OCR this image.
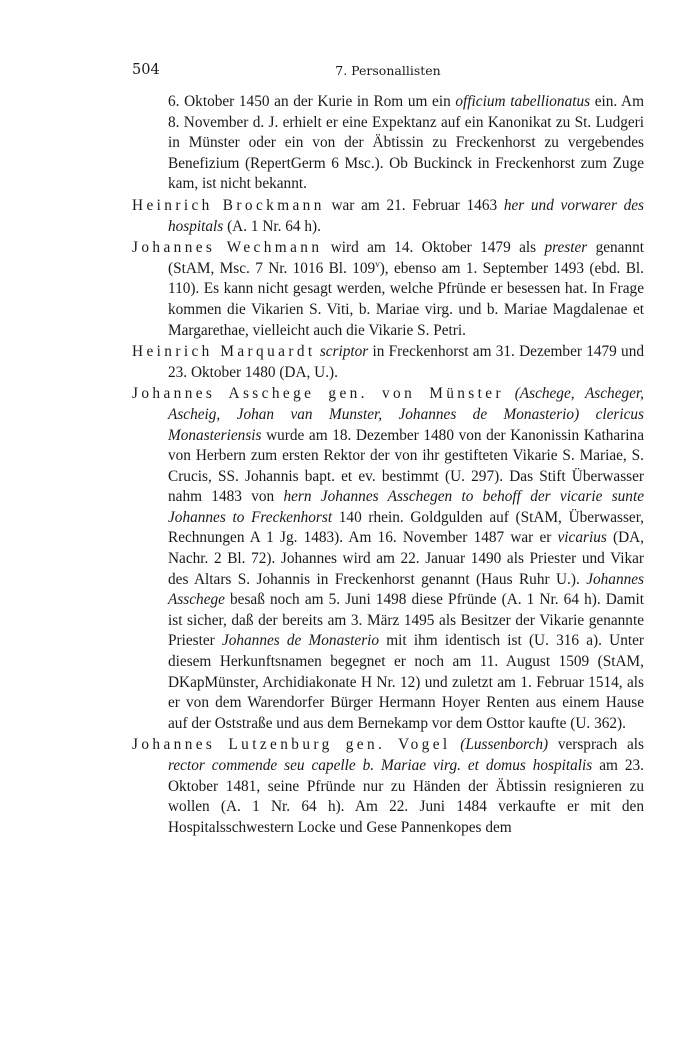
504	7. Personallisten

6. Oktober 1450 an der Kurie in Rom um ein officium tabellionatus ein. Am 8. November d. J. erhielt er eine Expektanz auf ein Kanonikat zu St. Ludgeri in Münster oder ein von der Äbtissin zu Freckenhorst zu vergebendes Benefizium (RepertGerm 6 Msc.). Ob Buckinck in Freckenhorst zum Zuge kam, ist nicht bekannt.

Heinrich Brockmann war am 21. Februar 1463 her und vorwarer des hospitals (A. 1 Nr. 64 h).

Johannes Wechmann wird am 14. Oktober 1479 als prester genannt (StAM, Msc. 7 Nr. 1016 Bl. 109$^v$), ebenso am 1. September 1493 (ebd. Bl. 110). Es kann nicht gesagt werden, welche Pfründe er besessen hat. In Frage kommen die Vikarien S. Viti, b. Mariae virg. und b. Mariae Magdalenae et Margarethae, vielleicht auch die Vikarie S. Petri.

Heinrich Marquardt scriptor in Freckenhorst am 31. Dezember 1479 und 23. Oktober 1480 (DA, U.).

Johannes Asschege gen. von Münster (Aschege, Ascheger, Ascheig, Johan van Munster, Johannes de Monasterio) clericus Monasteriensis wurde am 18. Dezember 1480 von der Kanonissin Katharina von Herbern zum ersten Rektor der von ihr gestifteten Vikarie S. Mariae, S. Crucis, SS. Johannis bapt. et ev. bestimmt (U. 297). Das Stift Überwasser nahm 1483 von hern Johannes Asschegen to behoff der vicarie sunte Johannes to Freckenhorst 140 rhein. Goldgulden auf (StAM, Überwasser, Rechnungen A 1 Jg. 1483). Am 16. November 1487 war er vicarius (DA, Nachr. 2 Bl. 72). Johannes wird am 22. Januar 1490 als Priester und Vikar des Altars S. Johannis in Freckenhorst genannt (Haus Ruhr U.). Johannes Asschege besaß noch am 5. Juni 1498 diese Pfründe (A. 1 Nr. 64 h). Damit ist sicher, daß der bereits am 3. März 1495 als Besitzer der Vikarie genannte Priester Johannes de Monasterio mit ihm identisch ist (U. 316 a). Unter diesem Herkunftsnamen begegnet er noch am 11. August 1509 (StAM, DKapMünster, Archidiakonate H Nr. 12) und zuletzt am 1. Februar 1514, als er von dem Warendorfer Bürger Hermann Hoyer Renten aus einem Hause auf der Oststraße und aus dem Bernekamp vor dem Osttor kaufte (U. 362).

Johannes Lutzenburg gen. Vogel (Lussenborch) versprach als rector commende seu capelle b. Mariae virg. et domus hospitalis am 23. Oktober 1481, seine Pfründe nur zu Händen der Äbtissin resignieren zu wollen (A. 1 Nr. 64 h). Am 22. Juni 1484 verkaufte er mit den Hospitalsschwestern Locke und Gese Pannenkopes dem
